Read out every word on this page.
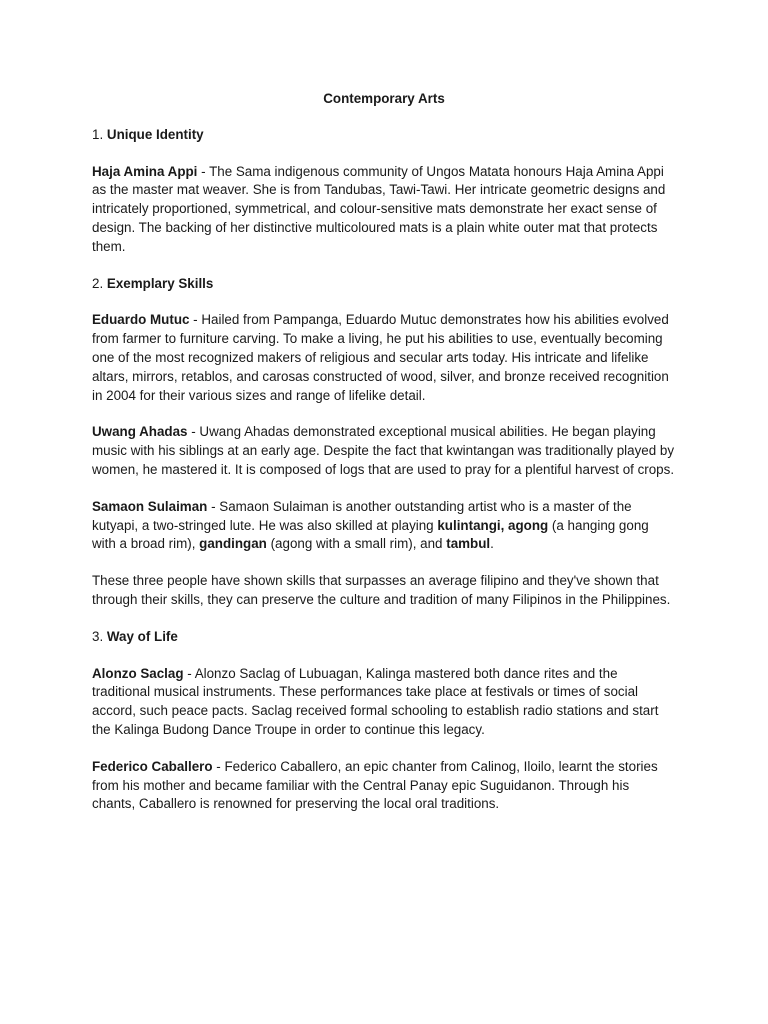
Contemporary Arts
1. Unique Identity
Haja Amina Appi - The Sama indigenous community of Ungos Matata honours Haja Amina Appi as the master mat weaver. She is from Tandubas, Tawi-Tawi. Her intricate geometric designs and intricately proportioned, symmetrical, and colour-sensitive mats demonstrate her exact sense of design. The backing of her distinctive multicoloured mats is a plain white outer mat that protects them.
2. Exemplary Skills
Eduardo Mutuc - Hailed from Pampanga, Eduardo Mutuc demonstrates how his abilities evolved from farmer to furniture carving. To make a living, he put his abilities to use, eventually becoming one of the most recognized makers of religious and secular arts today. His intricate and lifelike altars, mirrors, retablos, and carosas constructed of wood, silver, and bronze received recognition in 2004 for their various sizes and range of lifelike detail.
Uwang Ahadas - Uwang Ahadas demonstrated exceptional musical abilities. He began playing music with his siblings at an early age. Despite the fact that kwintangan was traditionally played by women, he mastered it. It is composed of logs that are used to pray for a plentiful harvest of crops.
Samaon Sulaiman - Samaon Sulaiman is another outstanding artist who is a master of the kutyapi, a two-stringed lute. He was also skilled at playing kulintangi, agong (a hanging gong with a broad rim), gandingan (agong with a small rim), and tambul.
These three people have shown skills that surpasses an average filipino and they've shown that through their skills, they can preserve the culture and tradition of many Filipinos in the Philippines.
3. Way of Life
Alonzo Saclag - Alonzo Saclag of Lubuagan, Kalinga mastered both dance rites and the traditional musical instruments. These performances take place at festivals or times of social accord, such peace pacts. Saclag received formal schooling to establish radio stations and start the Kalinga Budong Dance Troupe in order to continue this legacy.
Federico Caballero - Federico Caballero, an epic chanter from Calinog, Iloilo, learnt the stories from his mother and became familiar with the Central Panay epic Suguidanon. Through his chants, Caballero is renowned for preserving the local oral traditions.
